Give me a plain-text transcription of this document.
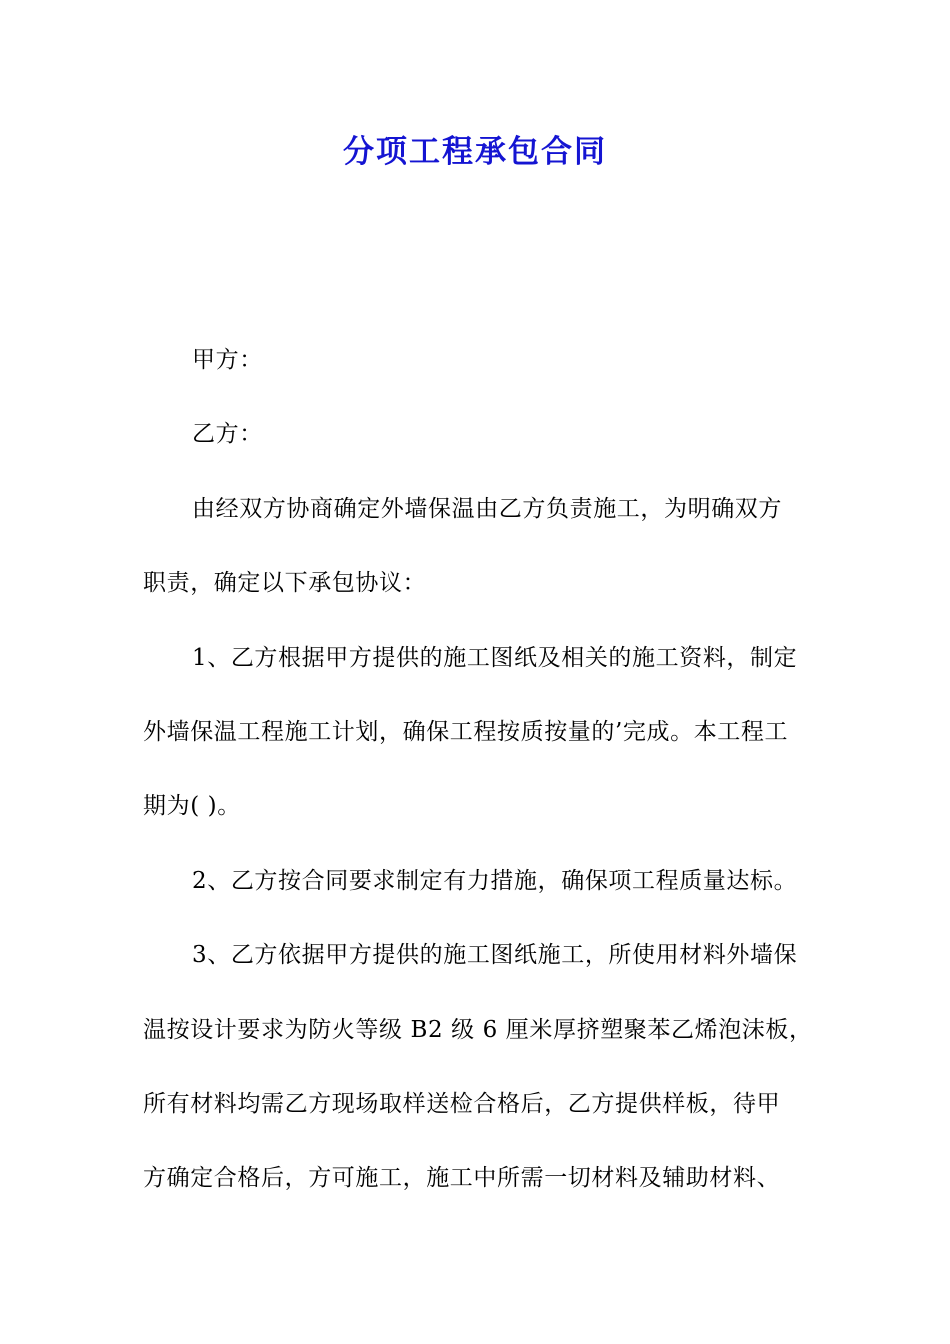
分项工程承包合同
甲方：
乙方：
由经双方协商确定外墙保温由乙方负责施工，为明确双方
职责，确定以下承包协议：
1、乙方根据甲方提供的施工图纸及相关的施工资料，制定
外墙保温工程施工计划，确保工程按质按量的’完成。本工程工
期为( )。
2、乙方按合同要求制定有力措施，确保项工程质量达标。
3、乙方依据甲方提供的施工图纸施工，所使用材料外墙保
温按设计要求为防火等级 B2 级 6 厘米厚挤塑聚苯乙烯泡沫板，
所有材料均需乙方现场取样送检合格后，乙方提供样板，待甲
方确定合格后，方可施工，施工中所需一切材料及辅助材料、
